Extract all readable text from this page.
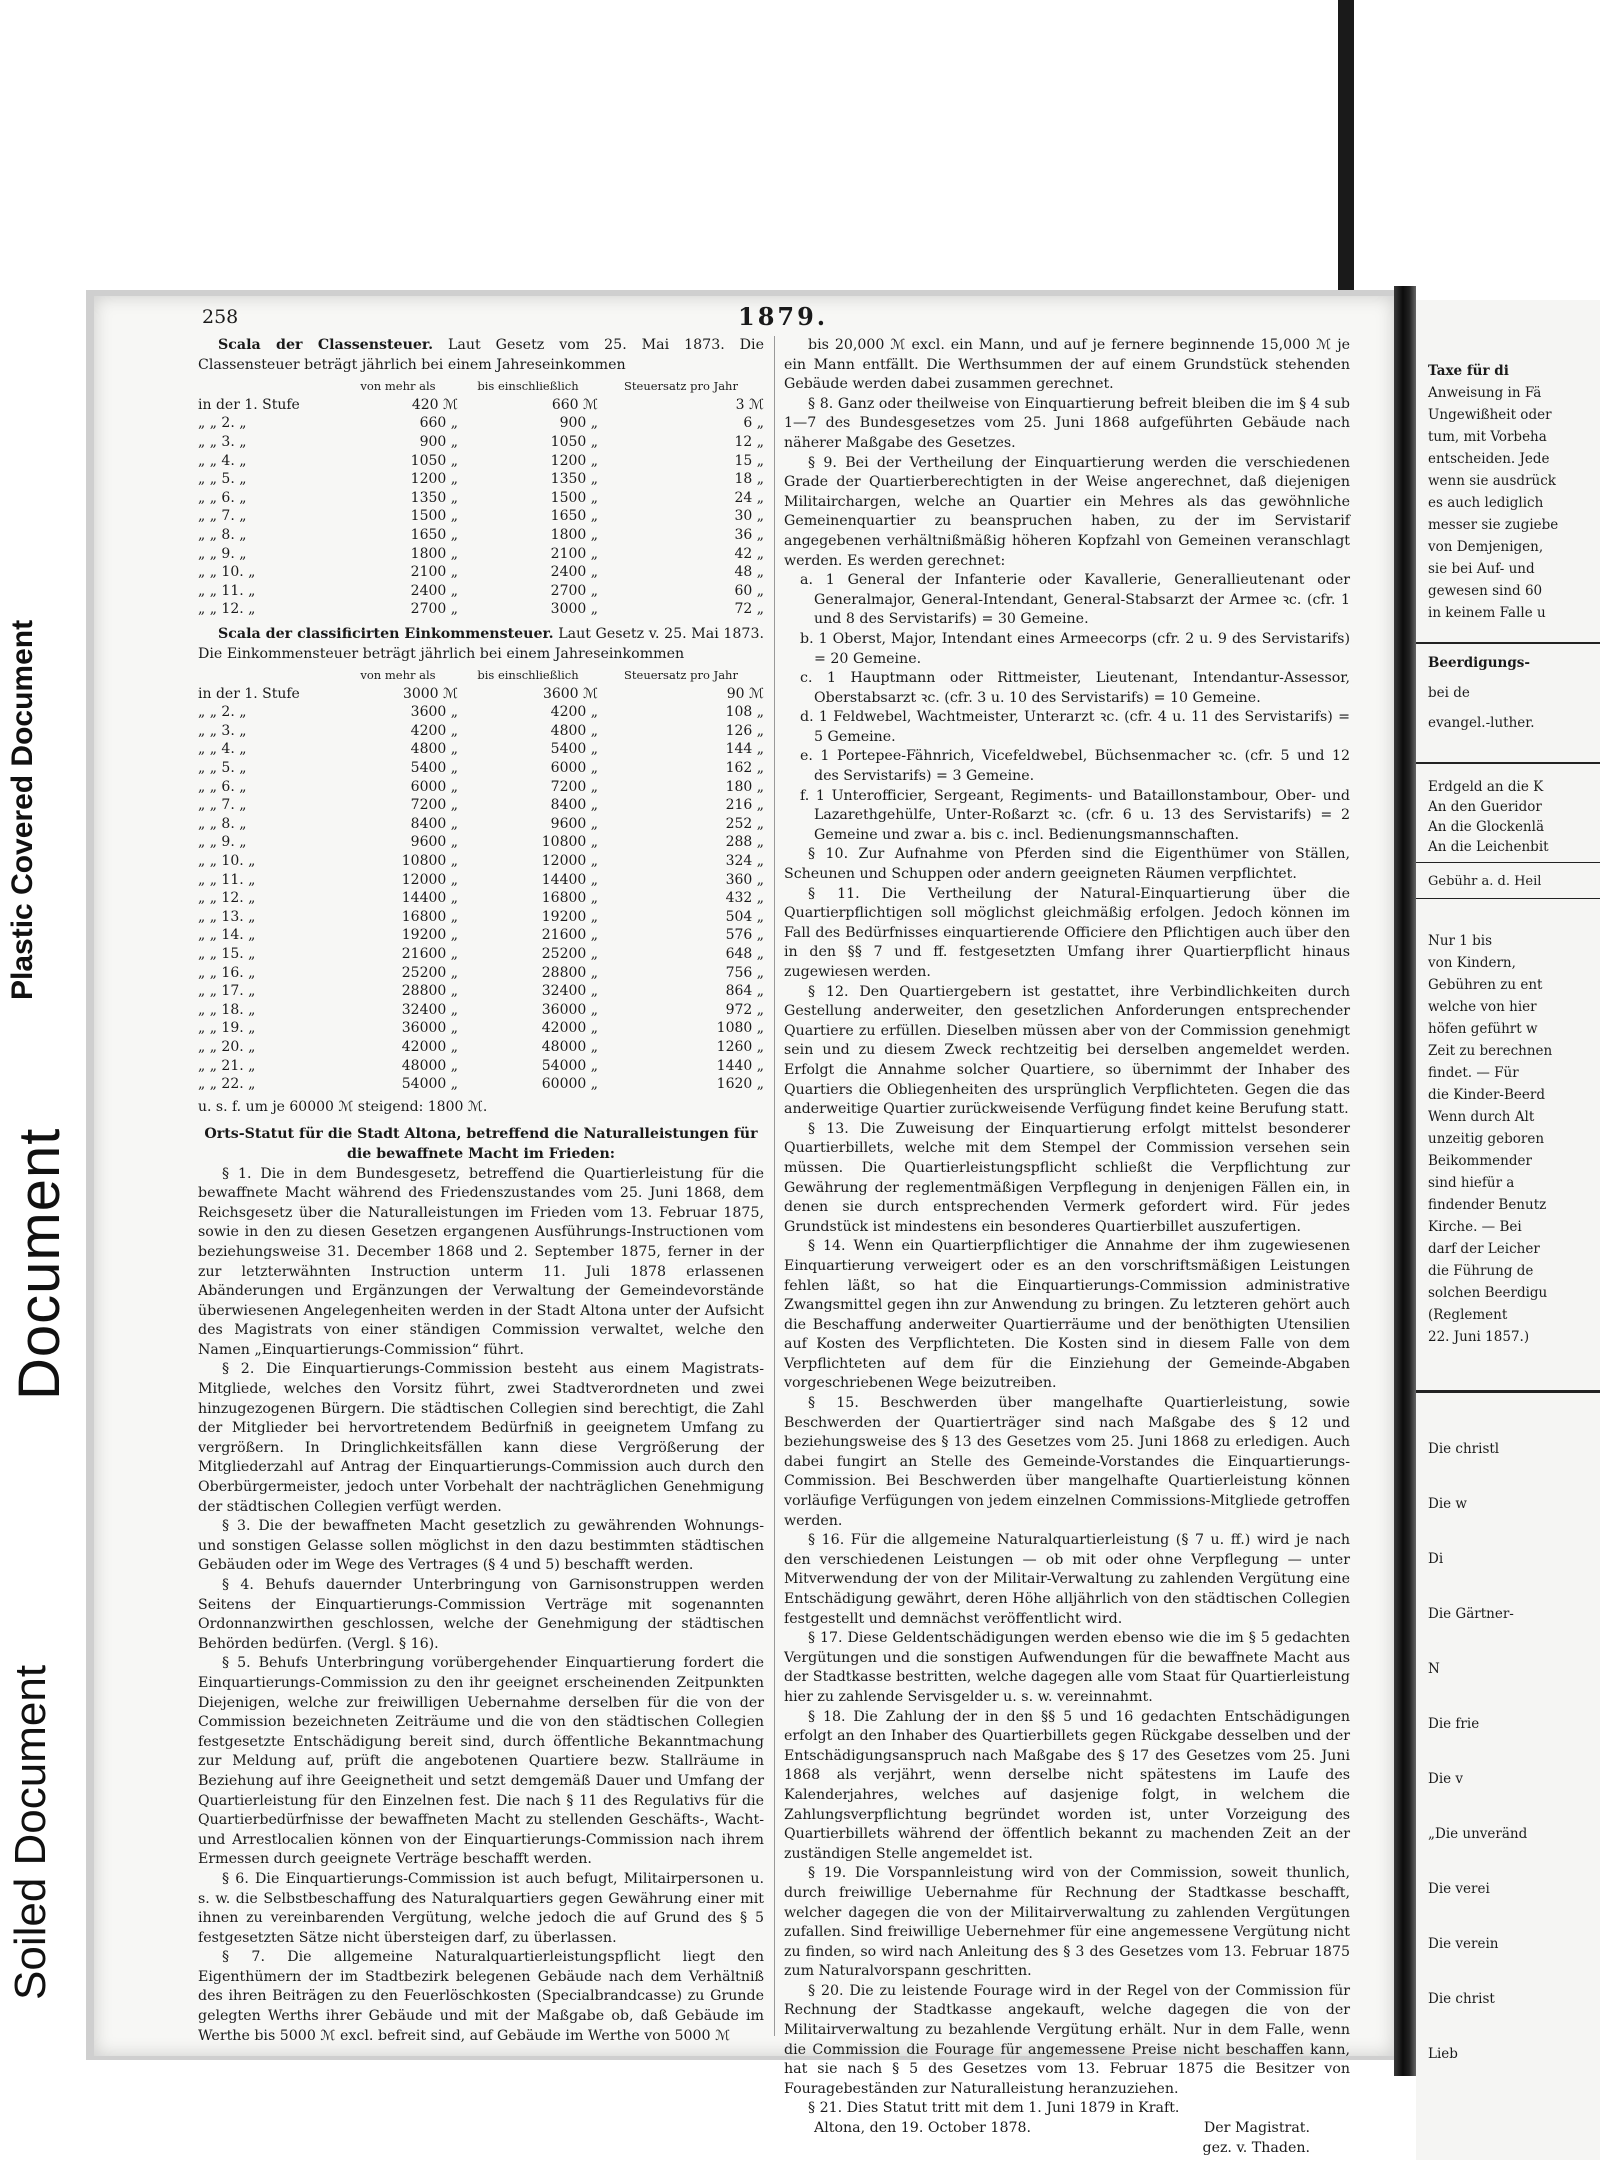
Plastic Covered Document
Document
Soiled Document
258	1879.
Scala der Classensteuer. Laut Gesetz vom 25. Mai 1873. Die Classensteuer beträgt jährlich bei einem Jahreseinkommen
	von mehr als	bis einschließlich	Steuersatz pro Jahr
in der 1. Stufe	420 ℳ	660 ℳ	3 ℳ
„ „ 2. „	660 „	900 „	6 „
„ „ 3. „	900 „	1050 „	12 „
„ „ 4. „	1050 „	1200 „	15 „
„ „ 5. „	1200 „	1350 „	18 „
„ „ 6. „	1350 „	1500 „	24 „
„ „ 7. „	1500 „	1650 „	30 „
„ „ 8. „	1650 „	1800 „	36 „
„ „ 9. „	1800 „	2100 „	42 „
„ „ 10. „	2100 „	2400 „	48 „
„ „ 11. „	2400 „	2700 „	60 „
„ „ 12. „	2700 „	3000 „	72 „
Scala der classificirten Einkommensteuer. Laut Gesetz v. 25. Mai 1873. Die Einkommensteuer beträgt jährlich bei einem Jahreseinkommen
	von mehr als	bis einschließlich	Steuersatz pro Jahr
in der 1. Stufe	3000 ℳ	3600 ℳ	90 ℳ
„ „ 2. „	3600 „	4200 „	108 „
„ „ 3. „	4200 „	4800 „	126 „
„ „ 4. „	4800 „	5400 „	144 „
„ „ 5. „	5400 „	6000 „	162 „
„ „ 6. „	6000 „	7200 „	180 „
„ „ 7. „	7200 „	8400 „	216 „
„ „ 8. „	8400 „	9600 „	252 „
„ „ 9. „	9600 „	10800 „	288 „
„ „ 10. „	10800 „	12000 „	324 „
„ „ 11. „	12000 „	14400 „	360 „
„ „ 12. „	14400 „	16800 „	432 „
„ „ 13. „	16800 „	19200 „	504 „
„ „ 14. „	19200 „	21600 „	576 „
„ „ 15. „	21600 „	25200 „	648 „
„ „ 16. „	25200 „	28800 „	756 „
„ „ 17. „	28800 „	32400 „	864 „
„ „ 18. „	32400 „	36000 „	972 „
„ „ 19. „	36000 „	42000 „	1080 „
„ „ 20. „	42000 „	48000 „	1260 „
„ „ 21. „	48000 „	54000 „	1440 „
„ „ 22. „	54000 „	60000 „	1620 „
u. s. f. um je 60000 ℳ steigend: 1800 ℳ.
Orts-Statut für die Stadt Altona, betreffend die Naturalleistungen für die bewaffnete Macht im Frieden:
§ 1. Die in dem Bundesgesetz, betreffend die Quartierleistung für die bewaffnete Macht während des Friedenszustandes vom 25. Juni 1868, dem Reichsgesetz über die Naturalleistungen im Frieden vom 13. Februar 1875, sowie in den zu diesen Gesetzen ergangenen Ausführungs-Instructionen vom beziehungsweise 31. December 1868 und 2. September 1875, ferner in der zur letzterwähnten Instruction unterm 11. Juli 1878 erlassenen Abänderungen und Ergänzungen der Verwaltung der Gemeindevorstände überwiesenen Angelegenheiten werden in der Stadt Altona unter der Aufsicht des Magistrats von einer ständigen Commission verwaltet, welche den Namen „Einquartierungs-Commission“ führt.
§ 2. Die Einquartierungs-Commission besteht aus einem Magistrats-Mitgliede, welches den Vorsitz führt, zwei Stadtverordneten und zwei hinzugezogenen Bürgern. Die städtischen Collegien sind berechtigt, die Zahl der Mitglieder bei hervortretendem Bedürfniß in geeignetem Umfang zu vergrößern. In Dringlichkeitsfällen kann diese Vergrößerung der Mitgliederzahl auf Antrag der Einquartierungs-Commission auch durch den Oberbürgermeister, jedoch unter Vorbehalt der nachträglichen Genehmigung der städtischen Collegien verfügt werden.
§ 3. Die der bewaffneten Macht gesetzlich zu gewährenden Wohnungs- und sonstigen Gelasse sollen möglichst in den dazu bestimmten städtischen Gebäuden oder im Wege des Vertrages (§ 4 und 5) beschafft werden.
§ 4. Behufs dauernder Unterbringung von Garnisonstruppen werden Seitens der Einquartierungs-Commission Verträge mit sogenannten Ordonnanzwirthen geschlossen, welche der Genehmigung der städtischen Behörden bedürfen. (Vergl. § 16).
§ 5. Behufs Unterbringung vorübergehender Einquartierung fordert die Einquartierungs-Commission zu den ihr geeignet erscheinenden Zeitpunkten Diejenigen, welche zur freiwilligen Uebernahme derselben für die von der Commission bezeichneten Zeiträume und die von den städtischen Collegien festgesetzte Entschädigung bereit sind, durch öffentliche Bekanntmachung zur Meldung auf, prüft die angebotenen Quartiere bezw. Stallräume in Beziehung auf ihre Geeignetheit und setzt demgemäß Dauer und Umfang der Quartierleistung für den Einzelnen fest. Die nach § 11 des Regulativs für die Quartierbedürfnisse der bewaffneten Macht zu stellenden Geschäfts-, Wacht- und Arrestlocalien können von der Einquartierungs-Commission nach ihrem Ermessen durch geeignete Verträge beschafft werden.
§ 6. Die Einquartierungs-Commission ist auch befugt, Militairpersonen u. s. w. die Selbstbeschaffung des Naturalquartiers gegen Gewährung einer mit ihnen zu vereinbarenden Vergütung, welche jedoch die auf Grund des § 5 festgesetzten Sätze nicht übersteigen darf, zu überlassen.
§ 7. Die allgemeine Naturalquartierleistungspflicht liegt den Eigenthümern der im Stadtbezirk belegenen Gebäude nach dem Verhältniß des ihren Beiträgen zu den Feuerlöschkosten (Specialbrandcasse) zu Grunde gelegten Werths ihrer Gebäude und mit der Maßgabe ob, daß Gebäude im Werthe bis 5000 ℳ excl. befreit sind, auf Gebäude im Werthe von 5000 ℳ
bis 20,000 ℳ excl. ein Mann, und auf je fernere beginnende 15,000 ℳ je ein Mann entfällt. Die Werthsummen der auf einem Grundstück stehenden Gebäude werden dabei zusammen gerechnet.
§ 8. Ganz oder theilweise von Einquartierung befreit bleiben die im § 4 sub 1—7 des Bundesgesetzes vom 25. Juni 1868 aufgeführten Gebäude nach näherer Maßgabe des Gesetzes.
§ 9. Bei der Vertheilung der Einquartierung werden die verschiedenen Grade der Quartierberechtigten in der Weise angerechnet, daß diejenigen Militairchargen, welche an Quartier ein Mehres als das gewöhnliche Gemeinenquartier zu beanspruchen haben, zu der im Servistarif angegebenen verhältnißmäßig höheren Kopfzahl von Gemeinen veranschlagt werden. Es werden gerechnet:
a. 1 General der Infanterie oder Kavallerie, Generallieutenant oder Generalmajor, General-Intendant, General-Stabsarzt der Armee ꝛc. (cfr. 1 und 8 des Servistarifs) = 30 Gemeine.
b. 1 Oberst, Major, Intendant eines Armeecorps (cfr. 2 u. 9 des Servistarifs) = 20 Gemeine.
c. 1 Hauptmann oder Rittmeister, Lieutenant, Intendantur-Assessor, Oberstabsarzt ꝛc. (cfr. 3 u. 10 des Servistarifs) = 10 Gemeine.
d. 1 Feldwebel, Wachtmeister, Unterarzt ꝛc. (cfr. 4 u. 11 des Servistarifs) = 5 Gemeine.
e. 1 Portepee-Fähnrich, Vicefeldwebel, Büchsenmacher ꝛc. (cfr. 5 und 12 des Servistarifs) = 3 Gemeine.
f. 1 Unterofficier, Sergeant, Regiments- und Bataillonstambour, Ober- und Lazarethgehülfe, Unter-Roßarzt ꝛc. (cfr. 6 u. 13 des Servistarifs) = 2 Gemeine und zwar a. bis c. incl. Bedienungsmannschaften.
§ 10. Zur Aufnahme von Pferden sind die Eigenthümer von Ställen, Scheunen und Schuppen oder andern geeigneten Räumen verpflichtet.
§ 11. Die Vertheilung der Natural-Einquartierung über die Quartierpflichtigen soll möglichst gleichmäßig erfolgen. Jedoch können im Fall des Bedürfnisses einquartierende Officiere den Pflichtigen auch über den in den §§ 7 und ff. festgesetzten Umfang ihrer Quartierpflicht hinaus zugewiesen werden.
§ 12. Den Quartiergebern ist gestattet, ihre Verbindlichkeiten durch Gestellung anderweiter, den gesetzlichen Anforderungen entsprechender Quartiere zu erfüllen. Dieselben müssen aber von der Commission genehmigt sein und zu diesem Zweck rechtzeitig bei derselben angemeldet werden. Erfolgt die Annahme solcher Quartiere, so übernimmt der Inhaber des Quartiers die Obliegenheiten des ursprünglich Verpflichteten. Gegen die das anderweitige Quartier zurückweisende Verfügung findet keine Berufung statt.
§ 13. Die Zuweisung der Einquartierung erfolgt mittelst besonderer Quartierbillets, welche mit dem Stempel der Commission versehen sein müssen. Die Quartierleistungspflicht schließt die Verpflichtung zur Gewährung der reglementmäßigen Verpflegung in denjenigen Fällen ein, in denen sie durch entsprechenden Vermerk gefordert wird. Für jedes Grundstück ist mindestens ein besonderes Quartierbillet auszufertigen.
§ 14. Wenn ein Quartierpflichtiger die Annahme der ihm zugewiesenen Einquartierung verweigert oder es an den vorschriftsmäßigen Leistungen fehlen läßt, so hat die Einquartierungs-Commission administrative Zwangsmittel gegen ihn zur Anwendung zu bringen. Zu letzteren gehört auch die Beschaffung anderweiter Quartierräume und der benöthigten Utensilien auf Kosten des Verpflichteten. Die Kosten sind in diesem Falle von dem Verpflichteten auf dem für die Einziehung der Gemeinde-Abgaben vorgeschriebenen Wege beizutreiben.
§ 15. Beschwerden über mangelhafte Quartierleistung, sowie Beschwerden der Quartierträger sind nach Maßgabe des § 12 und beziehungsweise des § 13 des Gesetzes vom 25. Juni 1868 zu erledigen. Auch dabei fungirt an Stelle des Gemeinde-Vorstandes die Einquartierungs-Commission. Bei Beschwerden über mangelhafte Quartierleistung können vorläufige Verfügungen von jedem einzelnen Commissions-Mitgliede getroffen werden.
§ 16. Für die allgemeine Naturalquartierleistung (§ 7 u. ff.) wird je nach den verschiedenen Leistungen — ob mit oder ohne Verpflegung — unter Mitverwendung der von der Militair-Verwaltung zu zahlenden Vergütung eine Entschädigung gewährt, deren Höhe alljährlich von den städtischen Collegien festgestellt und demnächst veröffentlicht wird.
§ 17. Diese Geldentschädigungen werden ebenso wie die im § 5 gedachten Vergütungen und die sonstigen Aufwendungen für die bewaffnete Macht aus der Stadtkasse bestritten, welche dagegen alle vom Staat für Quartierleistung hier zu zahlende Servisgelder u. s. w. vereinnahmt.
§ 18. Die Zahlung der in den §§ 5 und 16 gedachten Entschädigungen erfolgt an den Inhaber des Quartierbillets gegen Rückgabe desselben und der Entschädigungsanspruch nach Maßgabe des § 17 des Gesetzes vom 25. Juni 1868 als verjährt, wenn derselbe nicht spätestens im Laufe des Kalenderjahres, welches auf dasjenige folgt, in welchem die Zahlungsverpflichtung begründet worden ist, unter Vorzeigung des Quartierbillets während der öffentlich bekannt zu machenden Zeit an der zuständigen Stelle angemeldet ist.
§ 19. Die Vorspannleistung wird von der Commission, soweit thunlich, durch freiwillige Uebernahme für Rechnung der Stadtkasse beschafft, welcher dagegen die von der Militairverwaltung zu zahlenden Vergütungen zufallen. Sind freiwillige Uebernehmer für eine angemessene Vergütung nicht zu finden, so wird nach Anleitung des § 3 des Gesetzes vom 13. Februar 1875 zum Naturalvorspann geschritten.
§ 20. Die zu leistende Fourage wird in der Regel von der Commission für Rechnung der Stadtkasse angekauft, welche dagegen die von der Militairverwaltung zu bezahlende Vergütung erhält. Nur in dem Falle, wenn die Commission die Fourage für angemessene Preise nicht beschaffen kann, hat sie nach § 5 des Gesetzes vom 13. Februar 1875 die Besitzer von Fouragebeständen zur Naturalleistung heranzuziehen.
§ 21. Dies Statut tritt mit dem 1. Juni 1879 in Kraft.
Altona, den 19. October 1878.	Der Magistrat.
gez. v. Thaden.
Taxe für di
Anweisung in Fä
Ungewißheit oder
tum, mit Vorbeha
entscheiden. Jede
wenn sie ausdrück
es auch lediglich
messer sie zugiebe
von Demjenigen,
sie bei Auf- und
gewesen sind 60
in keinem Falle u
Beerdigungs-
bei de
evangel.-luther.
Erdgeld an die K
An den Gueridor
An die Glockenlä
An die Leichenbit
Gebühr a. d. Heil
Nur 1 bis
von Kindern,
Gebühren zu ent
welche von hier
höfen geführt w
Zeit zu berechnen
findet. — Für
die Kinder-Beerd
Wenn durch Alt
unzeitig geboren
Beikommender
sind hiefür a
findender Benutz
Kirche. — Bei
darf der Leicher
die Führung de
solchen Beerdigu
(Reglement
22. Juni 1857.)
Die christl
Die w
Di
Die Gärtner-
N
Die frie
Die v
„Die unveränd
Die verei
Die verein
Die christ
Lieb
